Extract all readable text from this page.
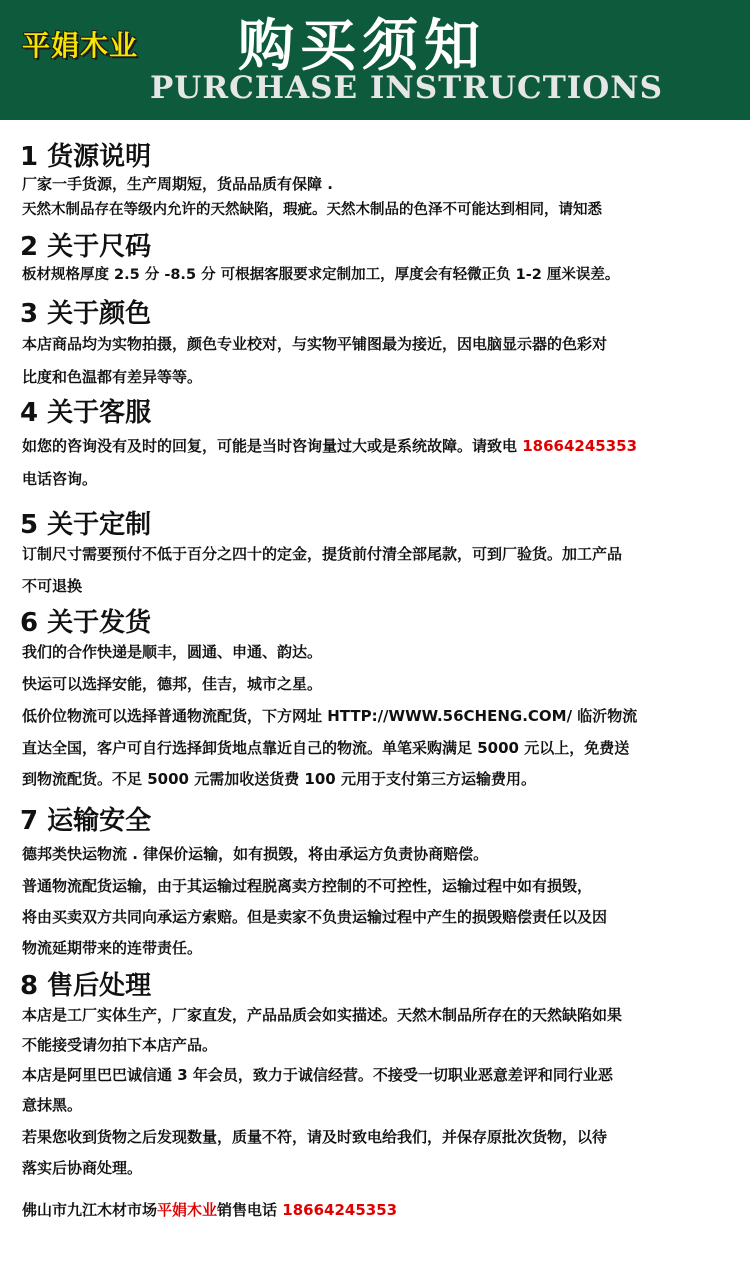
平娟木业 购买须知
PURCHASE INSTRUCTIONS
1 货源说明
厂家一手货源，生产周期短，货品品质有保障 .
天然木制品存在等级内允许的天然缺陷，瑕疵。天然木制品的色泽不可能达到相同，请知悉
2 关于尺码
板材规格厚度 2.5 分 -8.5 分 可根据客服要求定制加工，厚度会有轻微正负 1-2 厘米误差。
3 关于颜色
本店商品均为实物拍摄，颜色专业校对，与实物平铺图最为接近，因电脑显示器的色彩对
比度和色温都有差异等等。
4 关于客服
如您的咨询没有及时的回复，可能是当时咨询量过大或是系统故障。请致电 18664245353
电话咨询。
5 关于定制
订制尺寸需要预付不低于百分之四十的定金，提货前付清全部尾款，可到厂验货。加工产品
不可退换
6 关于发货
我们的合作快递是顺丰，圆通、申通、韵达。
快运可以选择安能，德邦，佳吉，城市之星。
低价位物流可以选择普通物流配货，下方网址 HTTP://WWW.56CHENG.COM/ 临沂物流
直达全国，客户可自行选择卸货地点靠近自己的物流。单笔采购满足 5000 元以上，免费送
到物流配货。不足 5000 元需加收送货费 100 元用于支付第三方运输费用。
7 运输安全
德邦类快运物流 . 律保价运输，如有损毁，将由承运方负责协商赔偿。
普通物流配货运输，由于其运输过程脱离卖方控制的不可控性，运输过程中如有损毁，
将由买卖双方共同向承运方索赔。但是卖家不负贵运输过程中产生的损毁赔偿责任以及因
物流延期带来的连带责任。
8 售后处理
本店是工厂实体生产，厂家直发，产品品质会如实描述。天然木制品所存在的天然缺陷如果
不能接受请勿拍下本店产品。
本店是阿里巴巴诚信通 3 年会员，致力于诚信经营。不接受一切职业恶意差评和同行业恶
意抹黑。
若果您收到货物之后发现数量，质量不符，请及时致电给我们，并保存原批次货物，以待
落实后协商处理。
佛山市九江木材市场平娟木业销售电话 18664245353
